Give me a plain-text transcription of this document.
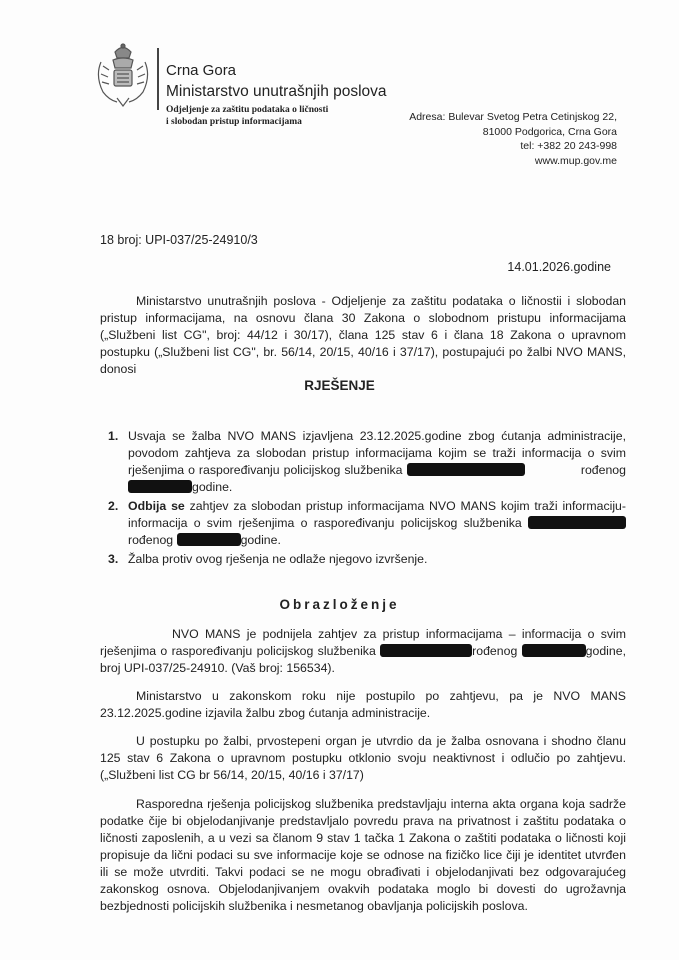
Crna Gora
Ministarstvo unutrašnjih poslova
Odjeljenje za zaštitu podataka o ličnosti
i slobodan pristup informacijama	Adresa: Bulevar Svetog Petra Cetinjskog 22,
81000 Podgorica, Crna Gora
tel: +382 20 243-998
www.mup.gov.me
18 broj: UPI-037/25-24910/3
14.01.2026.godine
Ministarstvo unutrašnjih poslova - Odjeljenje za zaštitu podataka o ličnostii i slobodan pristup informacijama, na osnovu člana 30 Zakona o slobodnom pristupu informacijama („Službeni list CG", broj: 44/12 i 30/17), člana 125 stav 6 i člana 18 Zakona o upravnom postupku („Službeni list CG", br. 56/14, 20/15, 40/16 i 37/17), postupajući po žalbi NVO MANS, donosi
RJEŠENJE
1. Usvaja se žalba NVO MANS izjavljena 23.12.2025.godine zbog ćutanja administracije, povodom zahtjeva za slobodan pristup informacijama kojim se traži informacija o svim rješenjima o raspoređivanju policijskog službenika	rođenog godine.
2. Odbija se zahtjev za slobodan pristup informacijama NVO MANS kojim traži informaciju- informacija o svim rješenjima o raspoređivanju policijskog službenika  rođenog	godine.
3. Žalba protiv ovog rješenja ne odlaže njegovo izvršenje.
Obrazloženje
NVO MANS je podnijela zahtjev za pristup informacijama – informacija o svim rješenjima o raspoređivanju policijskog službenika	rođenog	godine, broj UPI-037/25-24910. (Vaš broj: 156534).
Ministarstvo u zakonskom roku nije postupilo po zahtjevu, pa je NVO MANS 23.12.2025.godine izjavila žalbu zbog ćutanja administracije.
U postupku po žalbi, prvostepeni organ je utvrdio da je žalba osnovana i shodno članu 125 stav 6 Zakona o upravnom postupku otklonio svoju neaktivnost i odlučio po zahtjevu. („Službeni list CG br 56/14, 20/15, 40/16 i 37/17)
Rasporedna rješenja policijskog službenika predstavljaju interna akta organa koja sadrže podatke čije bi objelodanjivanje predstavljalo povredu prava na privatnost i zaštitu podataka o ličnosti zaposlenih, a u vezi sa članom 9 stav 1 tačka 1 Zakona o zaštiti podataka o ličnosti koji propisuje da lični podaci su sve informacije koje se odnose na fizičko lice čiji je identitet utvrđen ili se može utvrditi. Takvi podaci se ne mogu obrađivati i objelodanjivati bez odgovarajućeg zakonskog osnova. Objelodanjivanjem ovakvih podataka moglo bi dovesti do ugrožavnja bezbjednosti policijskih službenika i nesmetanog obavljanja policijskih poslova.
